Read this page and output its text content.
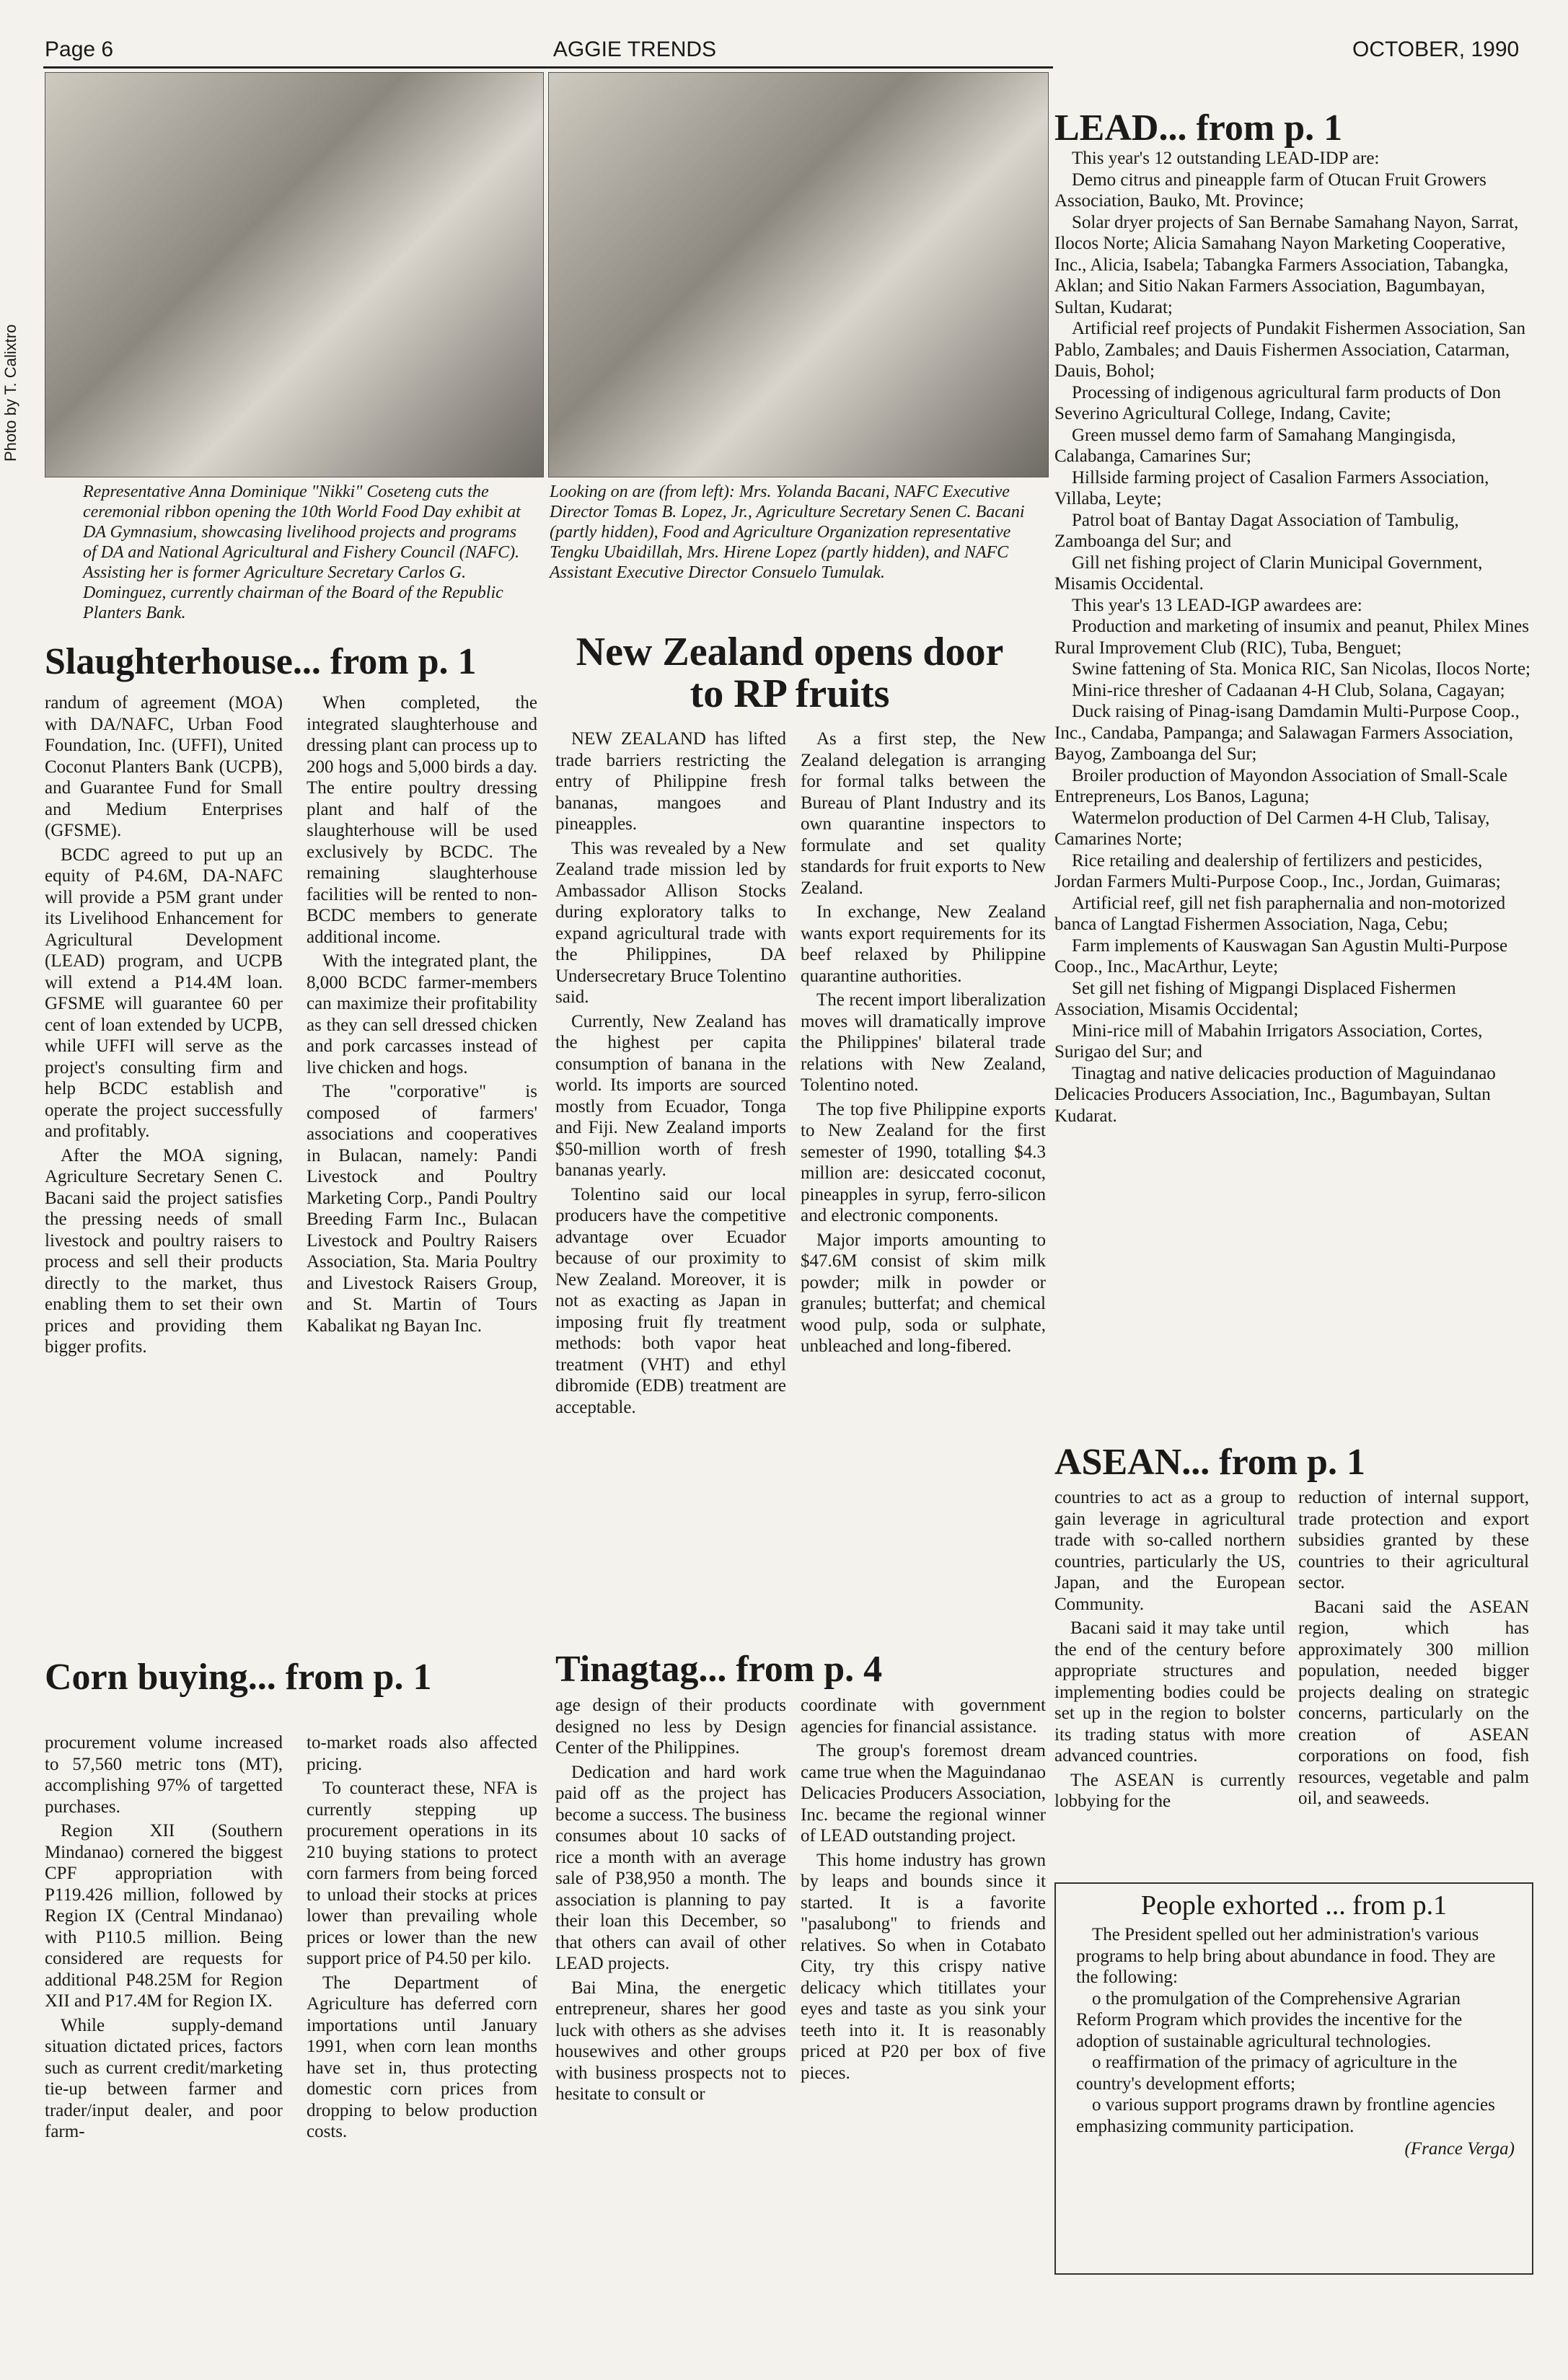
Page 6	AGGIE TRENDS	OCTOBER, 1990
Photo by T. Calixtro
Representative Anna Dominique "Nikki" Coseteng cuts the ceremonial ribbon opening the 10th World Food Day exhibit at DA Gymnasium, showcasing livelihood projects and programs of DA and National Agricultural and Fishery Council (NAFC). Assisting her is former Agriculture Secretary Carlos G. Dominguez, currently chairman of the Board of the Republic Planters Bank.
Looking on are (from left): Mrs. Yolanda Bacani, NAFC Executive Director Tomas B. Lopez, Jr., Agriculture Secretary Senen C. Bacani (partly hidden), Food and Agriculture Organization representative Tengku Ubaidillah, Mrs. Hirene Lopez (partly hidden), and NAFC Assistant Executive Director Consuelo Tumulak.
Slaughterhouse... from p. 1

randum of agreement (MOA) with DA/NAFC, Urban Food Foundation, Inc. (UFFI), United Coconut Planters Bank (UCPB), and Guarantee Fund for Small and Medium Enterprises (GFSME).

BCDC agreed to put up an equity of P4.6M, DA-NAFC will provide a P5M grant under its Livelihood Enhancement for Agricultural Development (LEAD) program, and UCPB will extend a P14.4M loan. GFSME will guarantee 60 per cent of loan extended by UCPB, while UFFI will serve as the project's consulting firm and help BCDC establish and operate the project successfully and profitably.

After the MOA signing, Agriculture Secretary Senen C. Bacani said the project satisfies the pressing needs of small livestock and poultry raisers to process and sell their products directly to the market, thus enabling them to set their own prices and providing them bigger profits.

When completed, the integrated slaughterhouse and dressing plant can process up to 200 hogs and 5,000 birds a day. The entire poultry dressing plant and half of the slaughterhouse will be used exclusively by BCDC. The remaining slaughterhouse facilities will be rented to non-BCDC members to generate additional income.

With the integrated plant, the 8,000 BCDC farmer-members can maximize their profitability as they can sell dressed chicken and pork carcasses instead of live chicken and hogs.

The "corporative" is composed of farmers' associations and cooperatives in Bulacan, namely: Pandi Livestock and Poultry Marketing Corp., Pandi Poultry Breeding Farm Inc., Bulacan Livestock and Poultry Raisers Association, Sta. Maria Poultry and Livestock Raisers Group, and St. Martin of Tours Kabalikat ng Bayan Inc.

Corn buying... from p. 1

procurement volume increased to 57,560 metric tons (MT), accomplishing 97% of targetted purchases.

Region XII (Southern Mindanao) cornered the biggest CPF appropriation with P119.426 million, followed by Region IX (Central Mindanao) with P110.5 million. Being considered are requests for additional P48.25M for Region XII and P17.4M for Region IX.

While supply-demand situation dictated prices, factors such as current credit/marketing tie-up between farmer and trader/input dealer, and poor farm-

to-market roads also affected pricing.

To counteract these, NFA is currently stepping up procurement operations in its 210 buying stations to protect corn farmers from being forced to unload their stocks at prices lower than prevailing whole prices or lower than the new support price of P4.50 per kilo.

The Department of Agriculture has deferred corn importations until January 1991, when corn lean months have set in, thus protecting domestic corn prices from dropping to below production costs.

New Zealand opens door to RP fruits

NEW ZEALAND has lifted trade barriers restricting the entry of Philippine fresh bananas, mangoes and pineapples.

This was revealed by a New Zealand trade mission led by Ambassador Allison Stocks during exploratory talks to expand agricultural trade with the Philippines, DA Undersecretary Bruce Tolentino said.

Currently, New Zealand has the highest per capita consumption of banana in the world. Its imports are sourced mostly from Ecuador, Tonga and Fiji. New Zealand imports $50-million worth of fresh bananas yearly.

Tolentino said our local producers have the competitive advantage over Ecuador because of our proximity to New Zealand. Moreover, it is not as exacting as Japan in imposing fruit fly treatment methods: both vapor heat treatment (VHT) and ethyl dibromide (EDB) treatment are acceptable.

As a first step, the New Zealand delegation is arranging for formal talks between the Bureau of Plant Industry and its own quarantine inspectors to formulate and set quality standards for fruit exports to New Zealand.

In exchange, New Zealand wants export requirements for its beef relaxed by Philippine quarantine authorities.

The recent import liberalization moves will dramatically improve the Philippines' bilateral trade relations with New Zealand, Tolentino noted.

The top five Philippine exports to New Zealand for the first semester of 1990, totalling $4.3 million are: desiccated coconut, pineapples in syrup, ferro-silicon and electronic components.

Major imports amounting to $47.6M consist of skim milk powder; milk in powder or granules; butterfat; and chemical wood pulp, soda or sulphate, unbleached and long-fibered.

Tinagtag... from p. 4

age design of their products designed no less by Design Center of the Philippines.

Dedication and hard work paid off as the project has become a success. The business consumes about 10 sacks of rice a month with an average sale of P38,950 a month. The association is planning to pay their loan this December, so that others can avail of other LEAD projects.

Bai Mina, the energetic entrepreneur, shares her good luck with others as she advises housewives and other groups with business prospects not to hesitate to consult or

coordinate with government agencies for financial assistance.

The group's foremost dream came true when the Maguindanao Delicacies Producers Association, Inc. became the regional winner of LEAD outstanding project.

This home industry has grown by leaps and bounds since it started. It is a favorite "pasalubong" to friends and relatives. So when in Cotabato City, try this crispy native delicacy which titillates your eyes and taste as you sink your teeth into it. It is reasonably priced at P20 per box of five pieces.

LEAD... from p. 1

This year's 12 outstanding LEAD-IDP are:

Demo citrus and pineapple farm of Otucan Fruit Growers Association, Bauko, Mt. Province;

Solar dryer projects of San Bernabe Samahang Nayon, Sarrat, Ilocos Norte; Alicia Samahang Nayon Marketing Cooperative, Inc., Alicia, Isabela; Tabangka Farmers Association, Tabangka, Aklan; and Sitio Nakan Farmers Association, Bagumbayan, Sultan, Kudarat;

Artificial reef projects of Pundakit Fishermen Association, San Pablo, Zambales; and Dauis Fishermen Association, Catarman, Dauis, Bohol;

Processing of indigenous agricultural farm products of Don Severino Agricultural College, Indang, Cavite;

Green mussel demo farm of Samahang Mangingisda, Calabanga, Camarines Sur;

Hillside farming project of Casalion Farmers Association, Villaba, Leyte;

Patrol boat of Bantay Dagat Association of Tambulig, Zamboanga del Sur; and

Gill net fishing project of Clarin Municipal Government, Misamis Occidental.

This year's 13 LEAD-IGP awardees are:

Production and marketing of insumix and peanut, Philex Mines Rural Improvement Club (RIC), Tuba, Benguet;

Swine fattening of Sta. Monica RIC, San Nicolas, Ilocos Norte;

Mini-rice thresher of Cadaanan 4-H Club, Solana, Cagayan;

Duck raising of Pinag-isang Damdamin Multi-Purpose Coop., Inc., Candaba, Pampanga; and Salawagan Farmers Association, Bayog, Zamboanga del Sur;

Broiler production of Mayondon Association of Small-Scale Entrepreneurs, Los Banos, Laguna;

Watermelon production of Del Carmen 4-H Club, Talisay, Camarines Norte;

Rice retailing and dealership of fertilizers and pesticides, Jordan Farmers Multi-Purpose Coop., Inc., Jordan, Guimaras;

Artificial reef, gill net fish paraphernalia and non-motorized banca of Langtad Fishermen Association, Naga, Cebu;

Farm implements of Kauswagan San Agustin Multi-Purpose Coop., Inc., MacArthur, Leyte;

Set gill net fishing of Migpangi Displaced Fishermen Association, Misamis Occidental;

Mini-rice mill of Mabahin Irrigators Association, Cortes, Surigao del Sur; and

Tinagtag and native delicacies production of Maguindanao Delicacies Producers Association, Inc., Bagumbayan, Sultan Kudarat.

ASEAN... from p. 1

countries to act as a group to gain leverage in agricultural trade with so-called northern countries, particularly the US, Japan, and the European Community.

Bacani said it may take until the end of the century before appropriate structures and implementing bodies could be set up in the region to bolster its trading status with more advanced countries.

The ASEAN is currently lobbying for the

reduction of internal support, trade protection and export subsidies granted by these countries to their agricultural sector.

Bacani said the ASEAN region, which has approximately 300 million population, needed bigger projects dealing on strategic concerns, particularly on the creation of ASEAN corporations on food, fish resources, vegetable and palm oil, and seaweeds.

People exhorted ... from p.1

The President spelled out her administration's various programs to help bring about abundance in food. They are the following:

o the promulgation of the Comprehensive Agrarian Reform Program which provides the incentive for the adoption of sustainable agricultural technologies.

o reaffirmation of the primacy of agriculture in the country's development efforts;

o various support programs drawn by frontline agencies emphasizing community participation.

(France Verga)
